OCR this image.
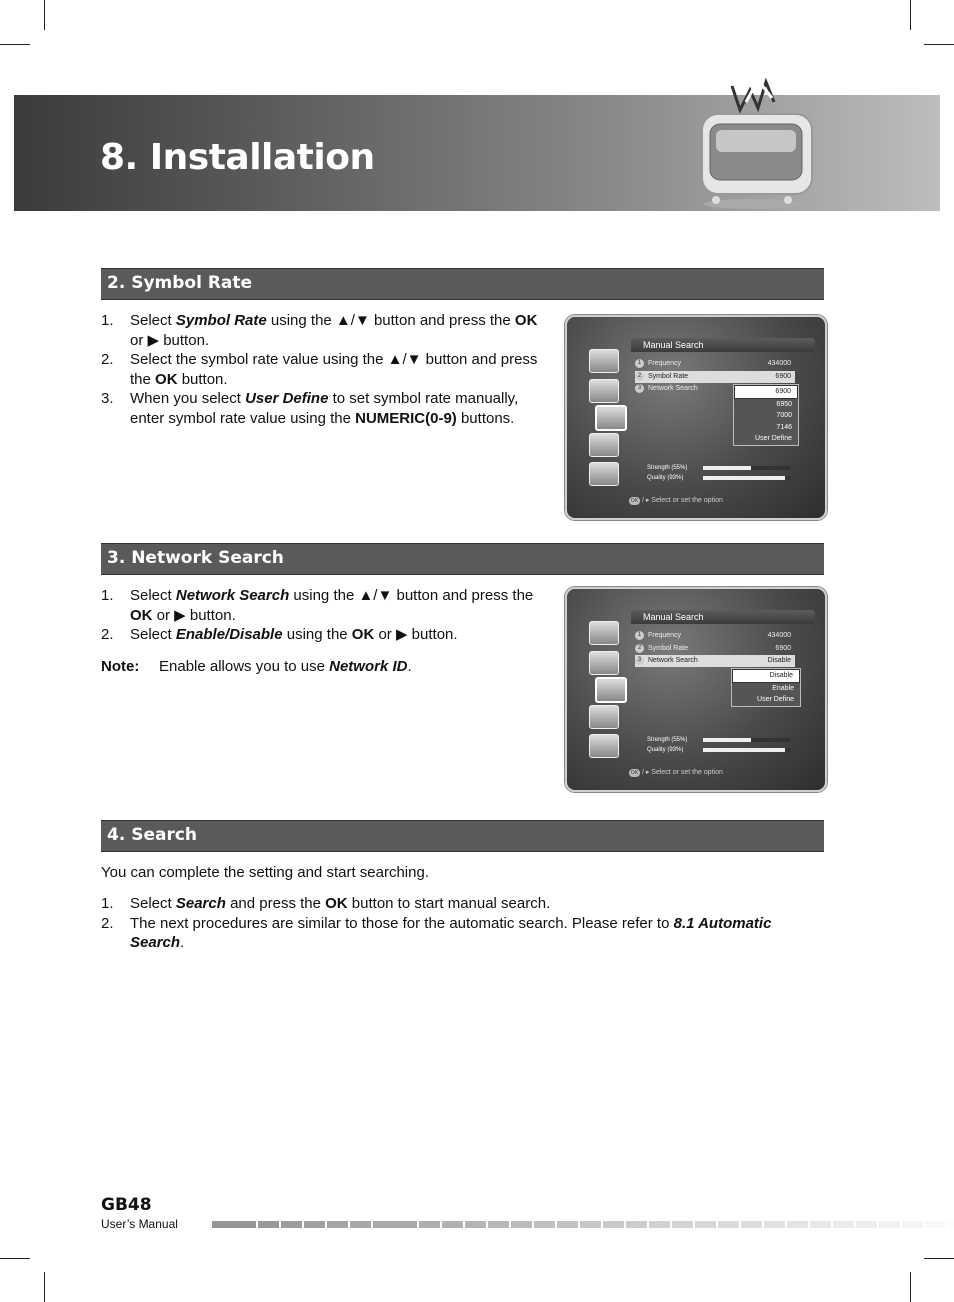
8. Installation
2. Symbol Rate
1.	Select Symbol Rate using the ▲/▼ button and press the OK or ▶ button.
2.	Select the symbol rate value using the ▲/▼ button and press the OK button.
3.	When you select User Define to set symbol rate manually, enter symbol rate value using the NUMERIC(0-9) buttons.
Manual Search
1 Frequency	434000
2 Symbol Rate	6900
3 Network Search	6900
6950
7000
7146
User Define
Strength (55%)
Quality (93%)
OK / ▸ Select or set the option
3. Network Search
1.	Select Network Search using the ▲/▼ button and press the OK or ▶ button.
2.	Select Enable/Disable using the OK or ▶ button.
Note:	Enable allows you to use Network ID.
Manual Search
1 Frequency	434000
2 Symbol Rate	6900
3 Network Search	Disable
Disable
Enable
User Define
Strength (55%)
Quality (93%)
OK / ▸ Select or set the option
4. Search
You can complete the setting and start searching.
1.	Select Search and press the OK button to start manual search.
2.	The next procedures are similar to those for the automatic search. Please refer to 8.1 Automatic Search.
GB48
User’s Manual
